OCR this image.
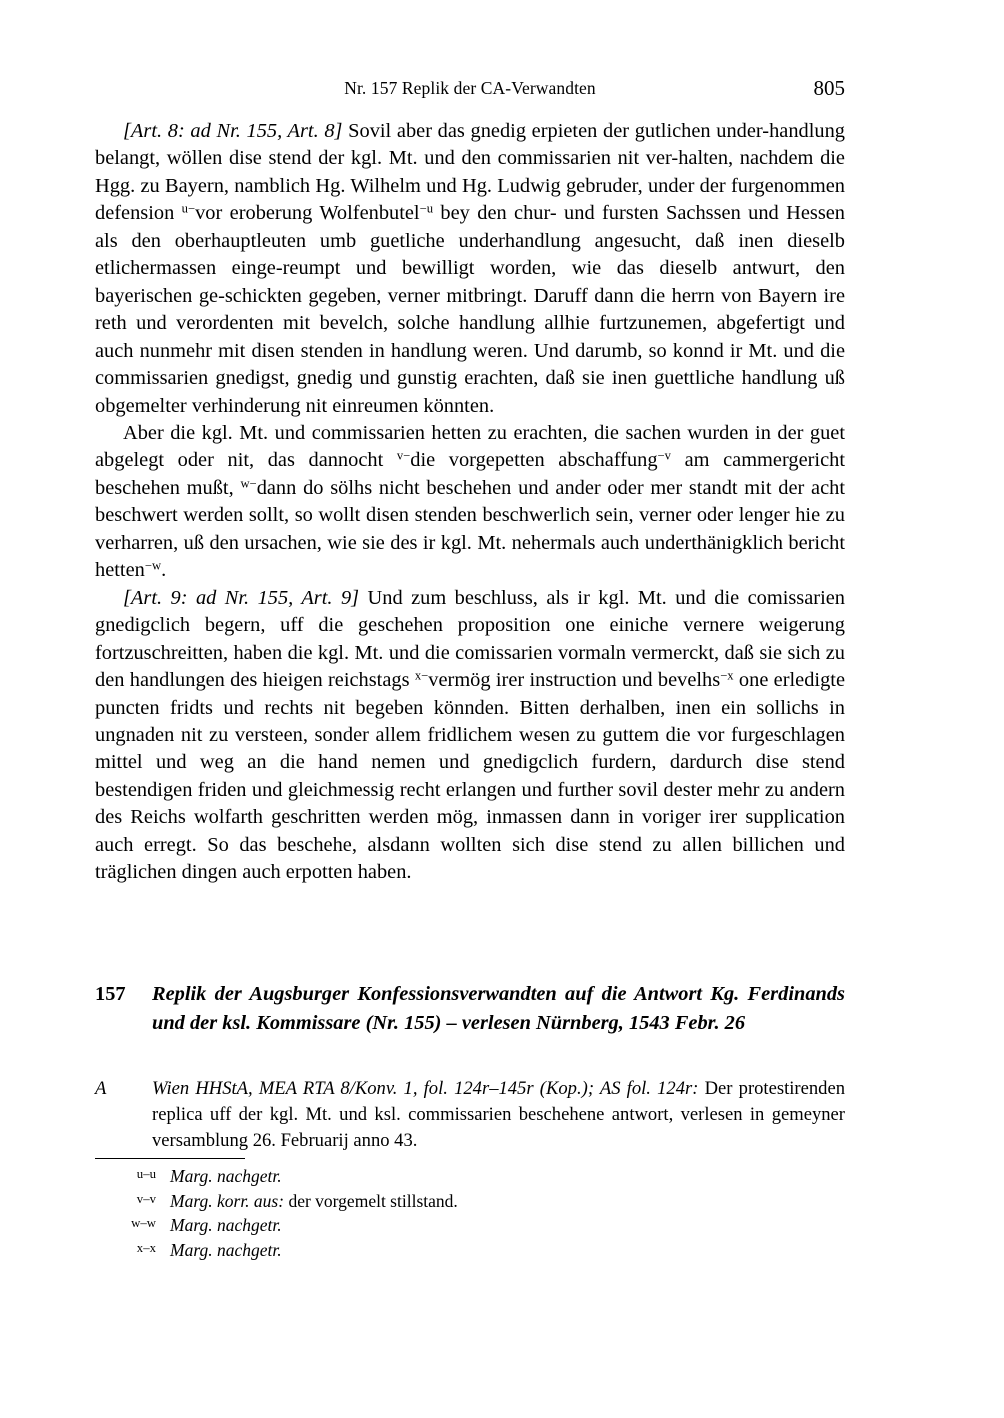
Nr. 157 Replik der CA-Verwandten	805

[Art. 8: ad Nr. 155, Art. 8] Sovil aber das gnedig erpieten der gutlichen under-handlung belangt, wöllen dise stend der kgl. Mt. und den commissarien nit ver-halten, nachdem die Hgg. zu Bayern, namblich Hg. Wilhelm und Hg. Ludwig gebruder, under der furgenommen defension $^{u-}$vor eroberung Wolfenbutel$^{-u}$ bey den chur- und fursten Sachssen und Hessen als den oberhauptleuten umb guetliche underhandlung angesucht, daß inen dieselb etlichermassen einge-reumpt und bewilligt worden, wie das dieselb antwurt, den bayerischen ge-schickten gegeben, verner mitbringt. Daruff dann die herrn von Bayern ire reth und verordenten mit bevelch, solche handlung allhie furtzunemen, abgefertigt und auch nunmehr mit disen stenden in handlung weren. Und darumb, so konnd ir Mt. und die commissarien gnedigst, gnedig und gunstig erachten, daß sie inen guettliche handlung uß obgemelter verhinderung nit einreumen könnten.

Aber die kgl. Mt. und commissarien hetten zu erachten, die sachen wurden in der guet abgelegt oder nit, das dannocht $^{v-}$die vorgepetten abschaffung$^{-v}$ am cammergericht beschehen mußt, $^{w-}$dann do sölhs nicht beschehen und ander oder mer standt mit der acht beschwert werden sollt, so wollt disen stenden beschwerlich sein, verner oder lenger hie zu verharren, uß den ursachen, wie sie des ir kgl. Mt. nehermals auch underthänigklich bericht hetten$^{-w}$.

[Art. 9: ad Nr. 155, Art. 9] Und zum beschluss, als ir kgl. Mt. und die comissarien gnedigclich begern, uff die geschehen proposition one einiche vernere weigerung fortzuschreitten, haben die kgl. Mt. und die comissarien vormaln vermerckt, daß sie sich zu den handlungen des hieigen reichstags $^{x-}$vermög irer instruction und bevelhs$^{-x}$ one erledigte puncten fridts und rechts nit begeben könnden. Bitten derhalben, inen ein sollichs in ungnaden nit zu versteen, sonder allem fridlichem wesen zu guttem die vor furgeschlagen mittel und weg an die hand nemen und gnedigclich furdern, dardurch dise stend bestendigen friden und gleichmessig recht erlangen und further sovil dester mehr zu andern des Reichs wolfarth geschritten werden mög, inmassen dann in voriger irer supplication auch erregt. So das beschehe, alsdann wollten sich dise stend zu allen billichen und träglichen dingen auch erpotten haben.

157	Replik der Augsburger Konfessionsverwandten auf die Antwort Kg. Ferdinands und der ksl. Kommissare (Nr. 155) – verlesen Nürnberg, 1543 Febr. 26
A	Wien HHStA, MEA RTA 8/Konv. 1, fol. 124r–145r (Kop.); AS fol. 124r: Der protestirenden replica uff der kgl. Mt. und ksl. commissarien beschehene antwort, verlesen in gemeyner versamblung 26. Februarij anno 43.
u–u Marg. nachgetr.
v–v Marg. korr. aus: der vorgemelt stillstand.
w–w Marg. nachgetr.
x–x Marg. nachgetr.
